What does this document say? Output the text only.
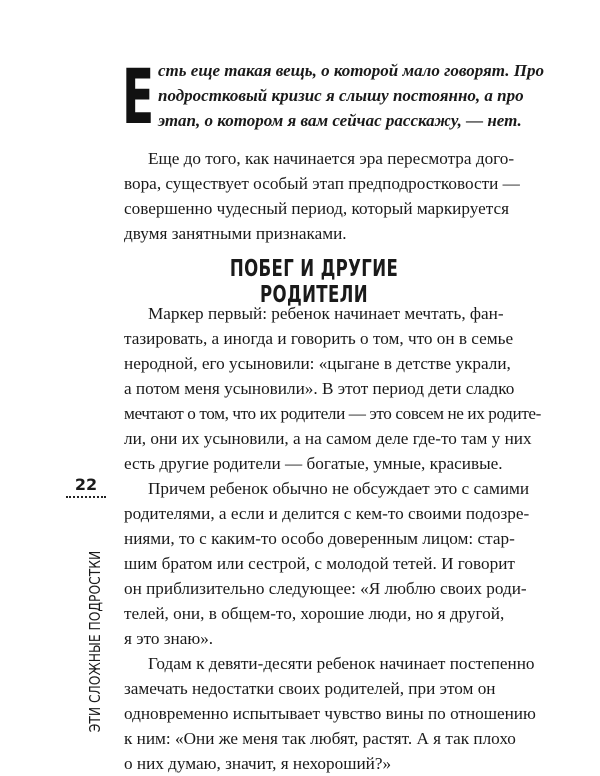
Е сть еще такая вещь, о которой мало говорят. Про
подростковый кризис я слышу постоянно, а про
этап, о котором я вам сейчас расскажу, — нет.

Еще до того, как начинается эра пересмотра дого-
вора, существует особый этап предподростковости —
совершенно чудесный период, который маркируется
двумя занятными признаками.

ПОБЕГ И ДРУГИЕ РОДИТЕЛИ

Маркер первый: ребенок начинает мечтать, фан-
тазировать, а иногда и говорить о том, что он в семье
неродной, его усыновили: «цыгане в детстве украли,
а потом меня усыновили». В этот период дети сладко
мечтают о том, что их родители — это совсем не их родите-
ли, они их усыновили, а на самом деле где-то там у них
есть другие родители — богатые, умные, красивые.

Причем ребенок обычно не обсуждает это с самими
родителями, а если и делится с кем-то своими подозре-
ниями, то с каким-то особо доверенным лицом: стар-
шим братом или сестрой, с молодой тетей. И говорит
он приблизительно следующее: «Я люблю своих роди-
телей, они, в общем-то, хорошие люди, но я другой,
я это знаю».

Годам к девяти-десяти ребенок начинает постепенно
замечать недостатки своих родителей, при этом он
одновременно испытывает чувство вины по отношению
к ним: «Они же меня так любят, растят. А я так плохо
о них думаю, значит, я нехороший?»

22
ЭТИ СЛОЖНЫЕ ПОДРОСТКИ
